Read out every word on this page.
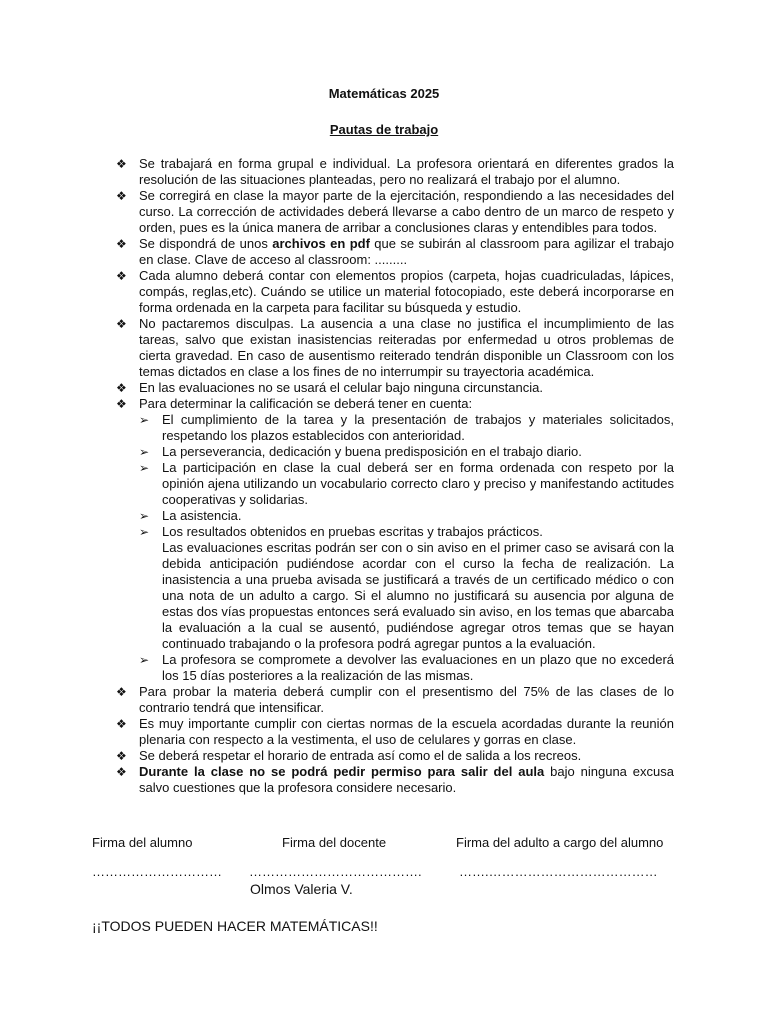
Matemáticas 2025

Pautas de trabajo

❖ Se trabajará en forma grupal e individual. La profesora orientará en diferentes grados la resolución de las situaciones planteadas, pero no realizará el trabajo por el alumno.
❖ Se corregirá en clase la mayor parte de la ejercitación, respondiendo a las necesidades del curso. La corrección de actividades deberá llevarse a cabo dentro de un marco de respeto y orden, pues es la única manera de arribar a conclusiones claras y entendibles para todos.
❖ Se dispondrá de unos archivos en pdf que se subirán al classroom para agilizar el trabajo en clase. Clave de acceso al classroom: .........
❖ Cada alumno deberá contar con elementos propios (carpeta, hojas cuadriculadas, lápices, compás, reglas,etc). Cuándo se utilice un material fotocopiado, este deberá incorporarse en forma ordenada en la carpeta para facilitar su búsqueda y estudio.
❖ No pactaremos disculpas. La ausencia a una clase no justifica el incumplimiento de las tareas, salvo que existan inasistencias reiteradas por enfermedad u otros problemas de cierta gravedad. En caso de ausentismo reiterado tendrán disponible un Classroom con los temas dictados en clase a los fines de no interrumpir su trayectoria académica.
❖ En las evaluaciones no se usará el celular bajo ninguna circunstancia.
❖ Para determinar la calificación se deberá tener en cuenta:
➢ El cumplimiento de la tarea y la presentación de trabajos y materiales solicitados, respetando los plazos establecidos con anterioridad.
➢ La perseverancia, dedicación y buena predisposición en el trabajo diario.
➢ La participación en clase la cual deberá ser en forma ordenada con respeto por la opinión ajena utilizando un vocabulario correcto claro y preciso y manifestando actitudes cooperativas y solidarias.
➢ La asistencia.
➢ Los resultados obtenidos en pruebas escritas y trabajos prácticos.
Las evaluaciones escritas podrán ser con o sin aviso en el primer caso se avisará con la debida anticipación pudiéndose acordar con el curso la fecha de realización. La inasistencia a una prueba avisada se justificará a través de un certificado médico o con una nota de un adulto a cargo. Si el alumno no justificará su ausencia por alguna de estas dos vías propuestas entonces será evaluado sin aviso, en los temas que abarcaba la evaluación a la cual se ausentó, pudiéndose agregar otros temas que se hayan continuado trabajando o la profesora podrá agregar puntos a la evaluación.
➢ La profesora se compromete a devolver las evaluaciones en un plazo que no excederá los 15 días posteriores a la realización de las mismas.
❖ Para probar la materia deberá cumplir con el presentismo del 75% de las clases de lo contrario tendrá que intensificar.
❖ Es muy importante cumplir con ciertas normas de la escuela acordadas durante la reunión plenaria con respecto a la vestimenta, el uso de celulares y gorras en clase.
❖ Se deberá respetar el horario de entrada así como el de salida a los recreos.
❖ Durante la clase no se podrá pedir permiso para salir del aula bajo ninguna excusa salvo cuestiones que la profesora considere necesario.
Firma del alumno	Firma del docente	Firma del adulto a cargo del alumno
………………………… ………………………………….	…….…………………………………
Olmos Valeria V.
¡¡TODOS PUEDEN HACER MATEMÁTICAS!!
